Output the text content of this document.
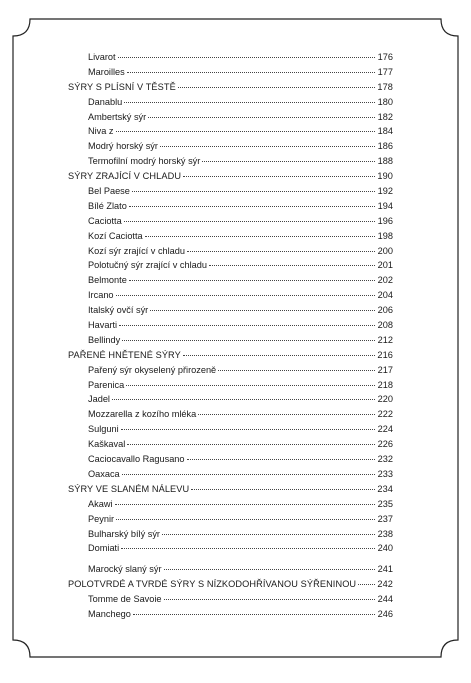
Livarot	176
Maroilles	177
SÝRY S PLÍSNÍ V TĚSTĚ	178
Danablu	180
Ambertský sýr	182
Niva z	184
Modrý horský sýr	186
Termofilní modrý horský sýr	188
SÝRY ZRAJÍCÍ V CHLADU	190
Bel Paese	192
Bílé Zlato	194
Caciotta	196
Kozí Caciotta	198
Kozí sýr zrající v chladu	200
Polotučný sýr zrající v chladu	201
Belmonte	202
Ircano	204
Italský ovčí sýr	206
Havarti	208
Bellindy	212
PAŘENÉ HNĚTENÉ SÝRY	216
Pařený sýr okyselený přirozeně	217
Parenica	218
Jadel	220
Mozzarella z kozího mléka	222
Sulguni	224
Kaškaval	226
Caciocavallo Ragusano	232
Oaxaca	233
SÝRY VE SLANÉM NÁLEVU	234
Akawi	235
Peynir	237
Bulharský bílý sýr	238
Domiati	240
Marocký slaný sýr	241
POLOTVRDÉ A TVRDÉ SÝRY S NÍZKODOHŘÍVANOU SÝŘENINOU 242
Tomme de Savoie	244
Manchego	246
